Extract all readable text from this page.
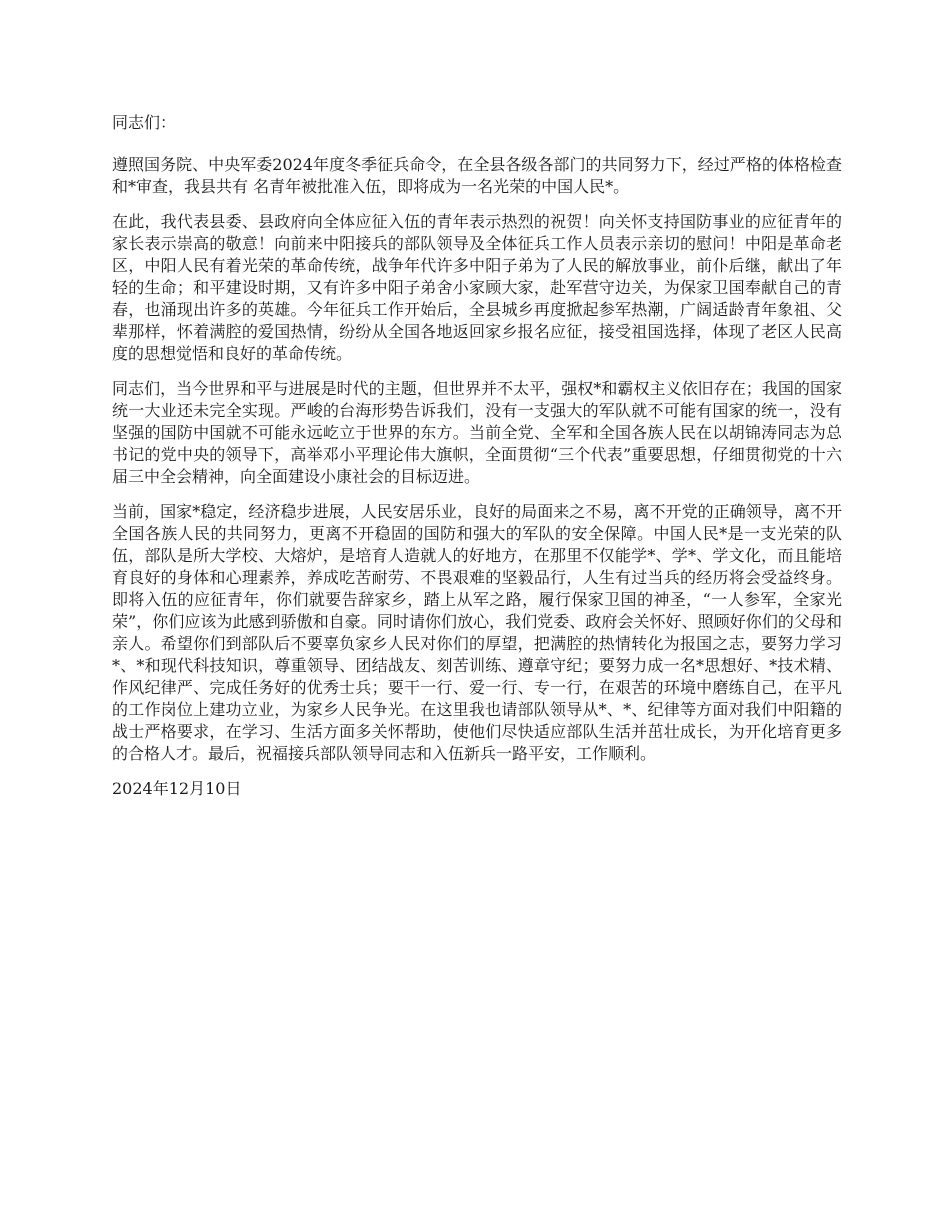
同志们：

遵照国务院、中央军委2024年度冬季征兵命令，在全县各级各部门的共同努力下，经过严格的体格检查和*审查，我县共有 名青年被批准入伍，即将成为一名光荣的中国人民*。

在此，我代表县委、县政府向全体应征入伍的青年表示热烈的祝贺！向关怀支持国防事业的应征青年的家长表示崇高的敬意！向前来中阳接兵的部队领导及全体征兵工作人员表示亲切的慰问！中阳是革命老区，中阳人民有着光荣的革命传统，战争年代许多中阳子弟为了人民的解放事业，前仆后继，献出了年轻的生命；和平建设时期，又有许多中阳子弟舍小家顾大家，赴军营守边关，为保家卫国奉献自己的青春，也涌现出许多的英雄。今年征兵工作开始后，全县城乡再度掀起参军热潮，广阔适龄青年象祖、父辈那样，怀着满腔的爱国热情，纷纷从全国各地返回家乡报名应征，接受祖国选择，体现了老区人民高度的思想觉悟和良好的革命传统。

同志们，当今世界和平与进展是时代的主题，但世界并不太平，强权*和霸权主义依旧存在；我国的国家统一大业还未完全实现。严峻的台海形势告诉我们，没有一支强大的军队就不可能有国家的统一，没有坚强的国防中国就不可能永远屹立于世界的东方。当前全党、全军和全国各族人民在以胡锦涛同志为总书记的党中央的领导下，高举邓小平理论伟大旗帜，全面贯彻“三个代表”重要思想，仔细贯彻党的十六届三中全会精神，向全面建设小康社会的目标迈进。

当前，国家*稳定，经济稳步进展，人民安居乐业，良好的局面来之不易，离不开党的正确领导，离不开全国各族人民的共同努力，更离不开稳固的国防和强大的军队的安全保障。中国人民*是一支光荣的队伍，部队是所大学校、大熔炉，是培育人造就人的好地方，在那里不仅能学*、学*、学文化，而且能培育良好的身体和心理素养，养成吃苦耐劳、不畏艰难的坚毅品行，人生有过当兵的经历将会受益终身。即将入伍的应征青年，你们就要告辞家乡，踏上从军之路，履行保家卫国的神圣，“一人参军，全家光荣”，你们应该为此感到骄傲和自豪。同时请你们放心，我们党委、政府会关怀好、照顾好你们的父母和亲人。希望你们到部队后不要辜负家乡人民对你们的厚望，把满腔的热情转化为报国之志，要努力学习*、*和现代科技知识，尊重领导、团结战友、刻苦训练、遵章守纪；要努力成一名*思想好、*技术精、作风纪律严、完成任务好的优秀士兵；要干一行、爱一行、专一行，在艰苦的环境中磨练自己，在平凡的工作岗位上建功立业，为家乡人民争光。在这里我也请部队领导从*、*、纪律等方面对我们中阳籍的战士严格要求，在学习、生活方面多关怀帮助，使他们尽快适应部队生活并茁壮成长，为开化培育更多的合格人才。最后，祝福接兵部队领导同志和入伍新兵一路平安，工作顺利。

2024年12月10日
